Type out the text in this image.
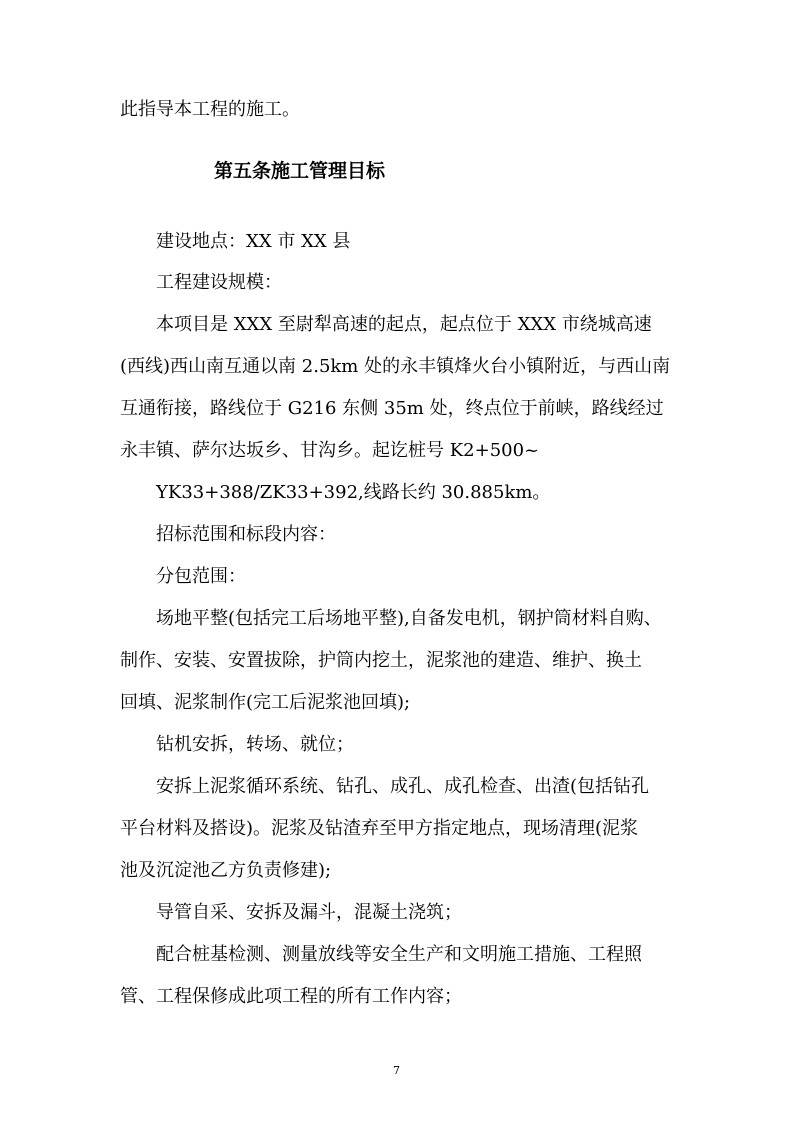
此指导本工程的施工。
第五条施工管理目标
建设地点：XX 市 XX 县
工程建设规模：
本项目是 XXX 至尉犁高速的起点，起点位于 XXX 市绕城高速
(西线)西山南互通以南 2.5km 处的永丰镇烽火台小镇附近，与西山南
互通衔接，路线位于 G216 东侧 35m 处，终点位于前峡，路线经过
永丰镇、萨尔达坂乡、甘沟乡。起讫桩号 K2+500~
YK33+388/ZK33+392,线路长约 30.885km。
招标范围和标段内容：
分包范围：
场地平整(包括完工后场地平整),自备发电机，钢护筒材料自购、
制作、安装、安置拔除，护筒内挖土，泥浆池的建造、维护、换土
回填、泥浆制作(完工后泥浆池回填);
钻机安拆，转场、就位；
安拆上泥浆循环系统、钻孔、成孔、成孔检查、出渣(包括钻孔
平台材料及搭设)。泥浆及钻渣弃至甲方指定地点，现场清理(泥浆
池及沉淀池乙方负责修建);
导管自采、安拆及漏斗，混凝土浇筑；
配合桩基检测、测量放线等安全生产和文明施工措施、工程照
管、工程保修成此项工程的所有工作内容；
7
